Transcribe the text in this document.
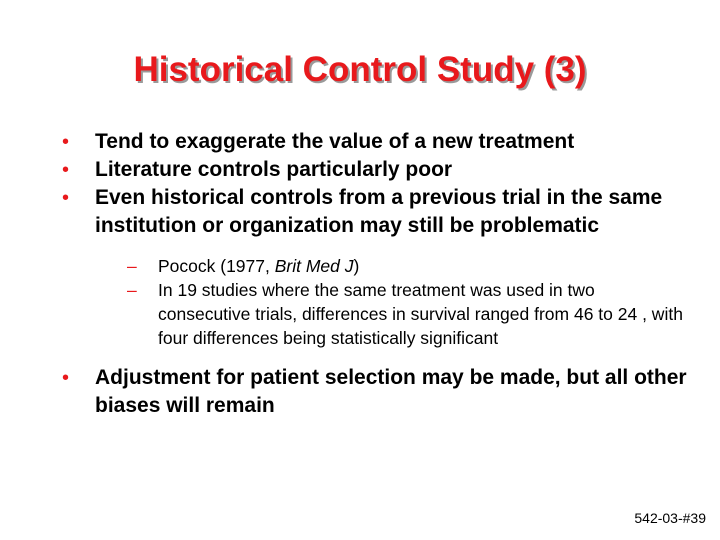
Historical Control Study (3)
• Tend to exaggerate the value of a new treatment
• Literature controls particularly poor
• Even historical controls from a previous trial in the same institution or organization may still be problematic
– Pocock (1977, Brit Med J)
– In 19 studies where the same treatment was used in two consecutive trials, differences in survival ranged from 46 to 24 , with four differences being statistically significant
• Adjustment for patient selection may be made, but all other biases will remain
542-03-#39
